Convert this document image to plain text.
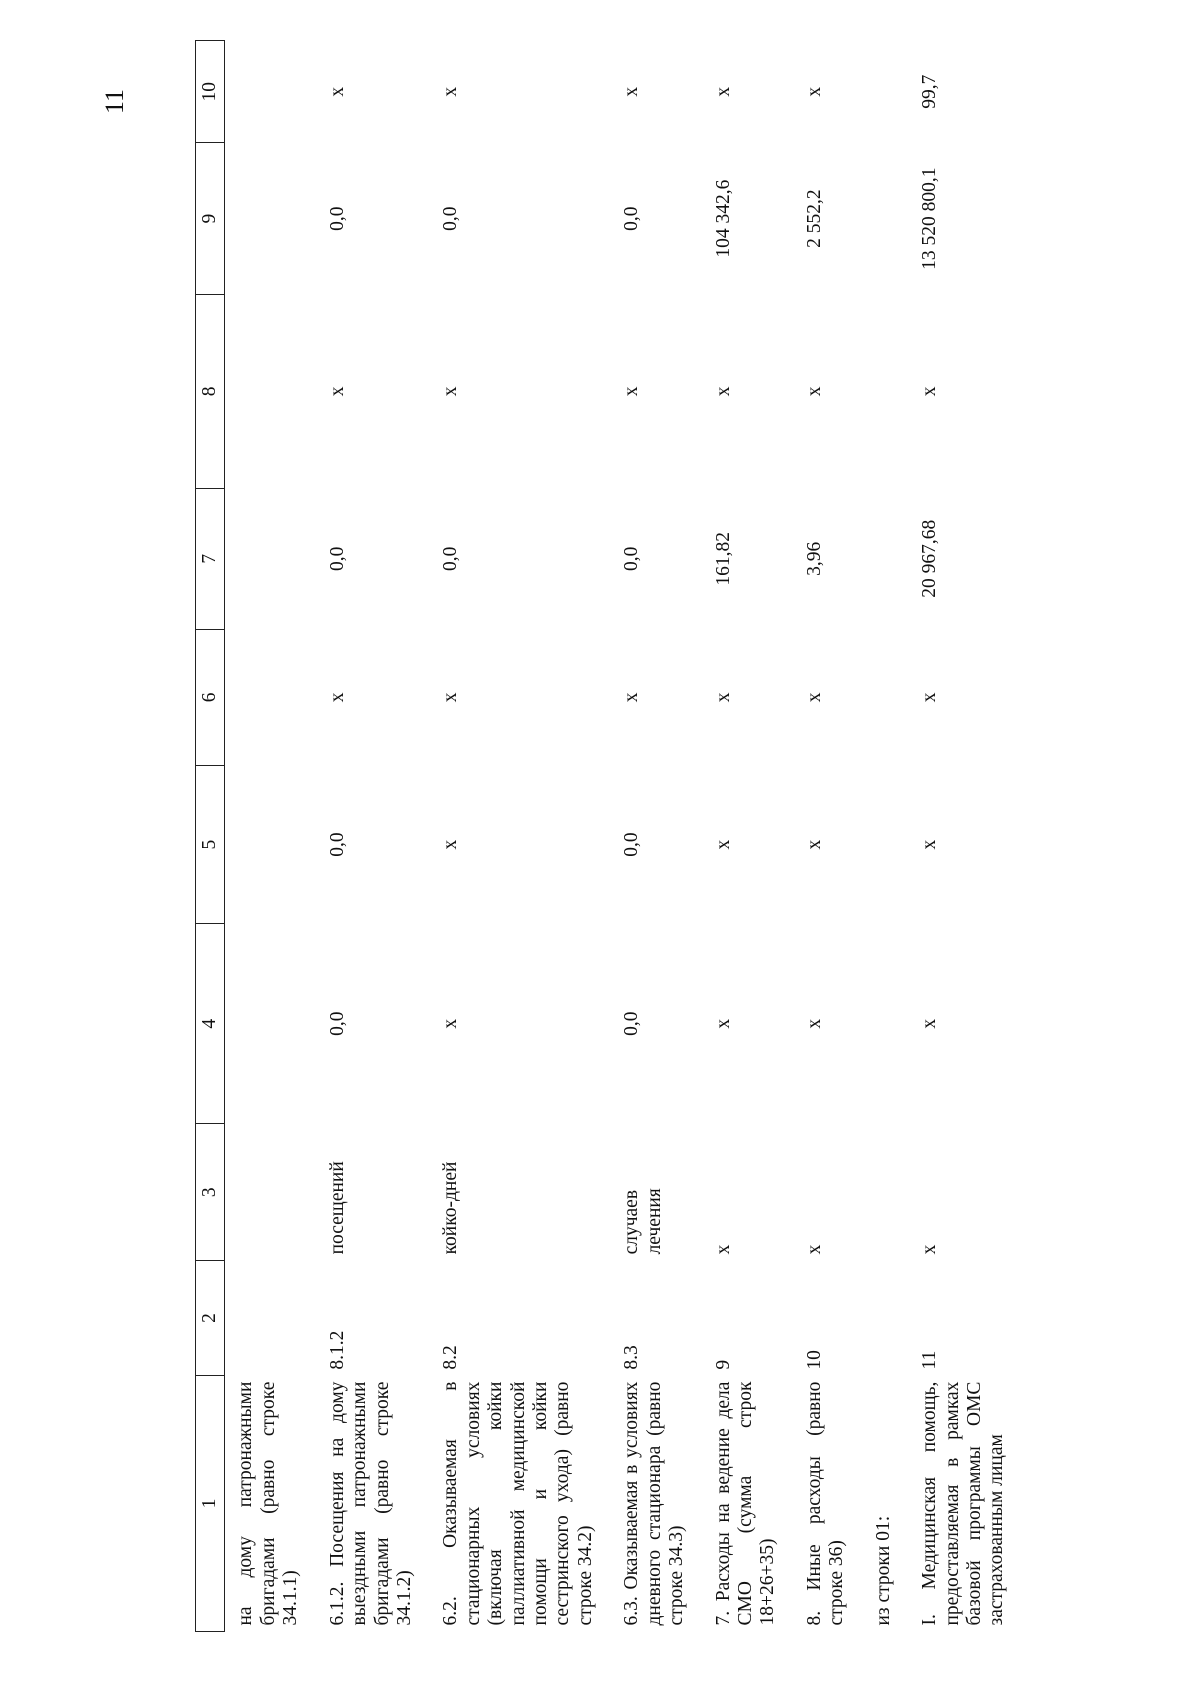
11
1	2	3	4	5	6	7	8	9	10
на дому патронажными бригадами (равно строке 34.1.1)									
6.1.2. Посещения на дому выездными патронажными бригадами (равно строке 34.1.2)	8.1.2	посещений	0,0	0,0	х	0,0	х	0,0	х
6.2. Оказываемая в стационарных условиях (включая койки паллиативной медицинской помощи и койки сестринского ухода) (равно строке 34.2)	8.2	койко-дней	х	х	х	0,0	х	0,0	х
6.3. Оказываемая в условиях дневного стационара (равно строке 34.3)	8.3	случаев лечения	0,0	0,0	х	0,0	х	0,0	х
7. Расходы на ведение дела СМО (сумма строк 18+26+35)	9	х	х	х	х	161,82	х	104 342,6	х
8. Иные расходы (равно строке 36)	10	х	х	х	х	3,96	х	2 552,2	х
из строки 01:									
I. Медицинская помощь, предоставляемая в рамках базовой программы ОМС застрахованным лицам	11	х	х	х	х	20 967,68	х	13 520 800,1	99,7
